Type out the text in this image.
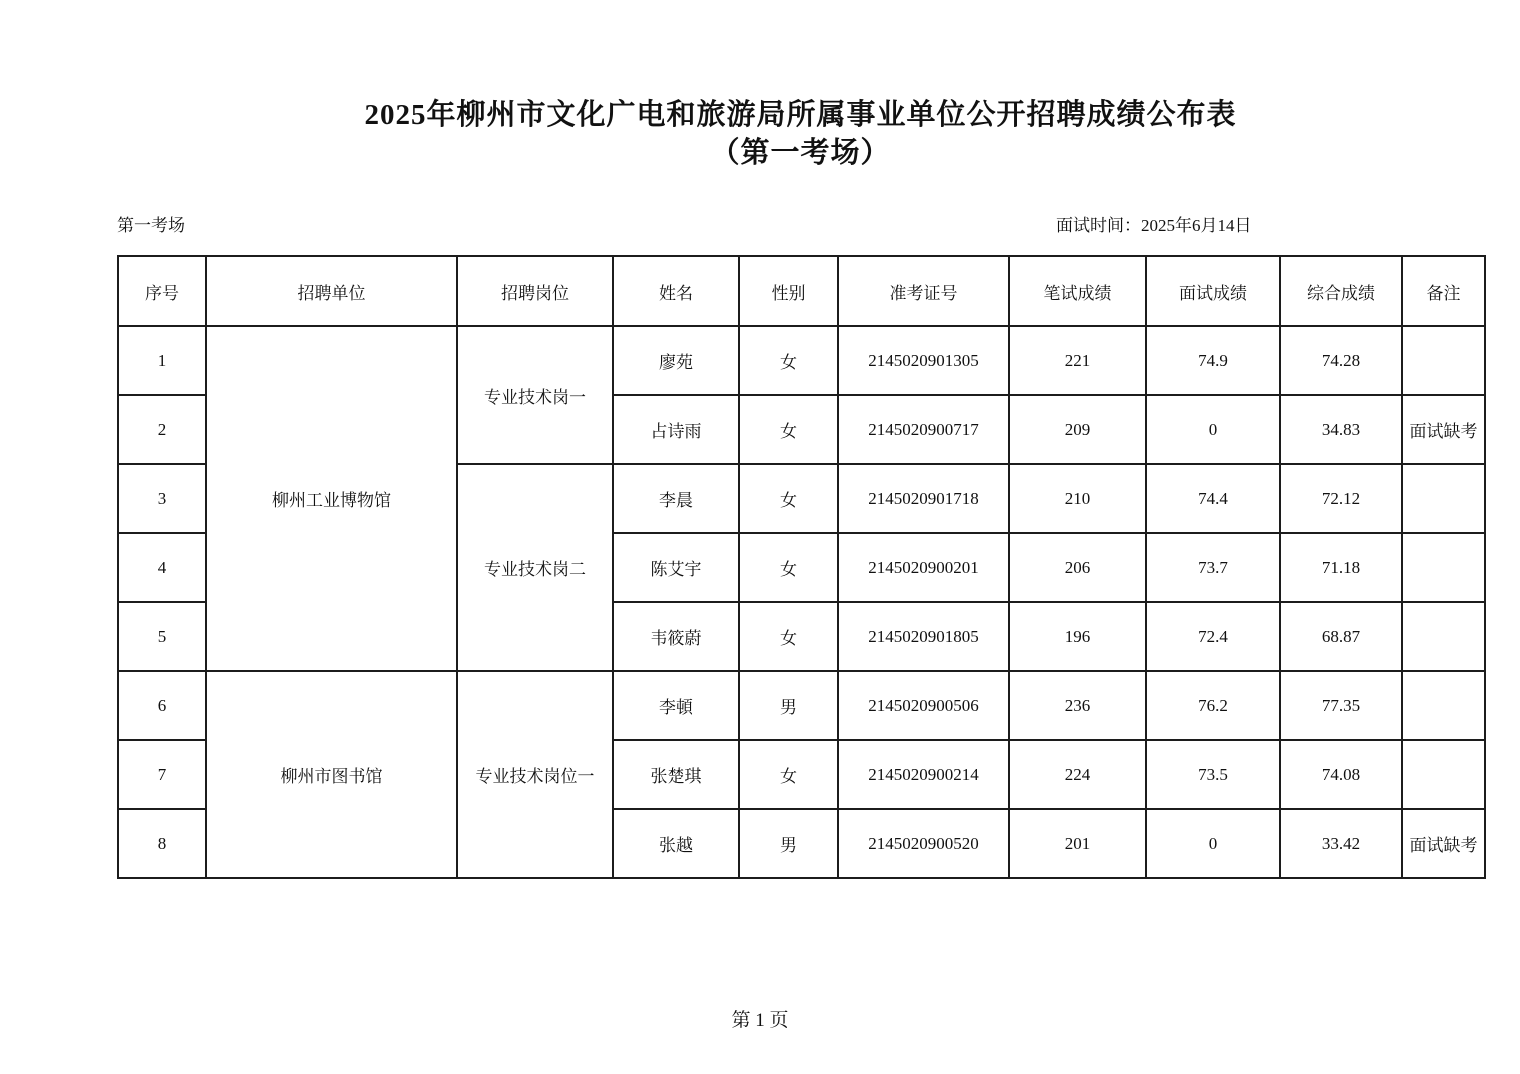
2025年柳州市文化广电和旅游局所属事业单位公开招聘成绩公布表
（第一考场）
第一考场	面试时间：2025年6月14日
序号	招聘单位	招聘岗位	姓名	性别	准考证号	笔试成绩	面试成绩	综合成绩	备注
1	柳州工业博物馆	专业技术岗一	廖苑	女	2145020901305	221	74.9	74.28	
2			占诗雨	女	2145020900717	209	0	34.83	面试缺考
3		专业技术岗二	李晨	女	2145020901718	210	74.4	72.12	
4			陈艾宇	女	2145020900201	206	73.7	71.18	
5			韦筱蔚	女	2145020901805	196	72.4	68.87	
6	柳州市图书馆	专业技术岗位一	李頓	男	2145020900506	236	76.2	77.35	
7			张楚琪	女	2145020900214	224	73.5	74.08	
8			张越	男	2145020900520	201	0	33.42	面试缺考
第 1 页
